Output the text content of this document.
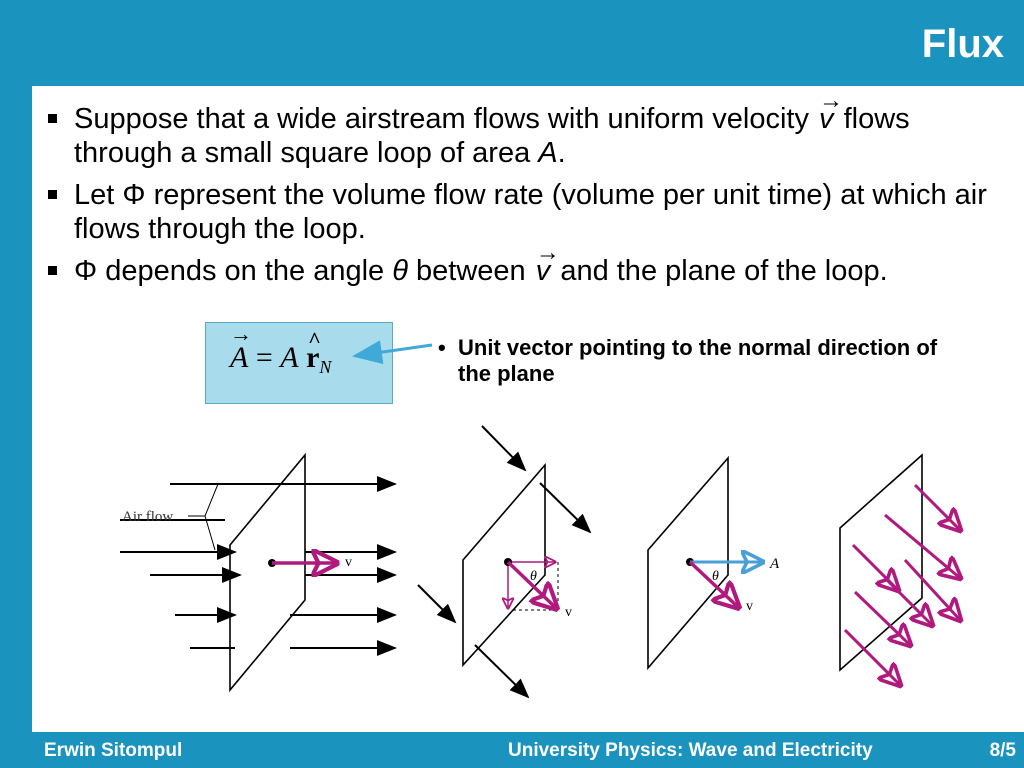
Flux
Suppose that a wide airstream flows with uniform velocity → v flows through a small square loop of area A.
Let Φ represent the volume flow rate (volume per unit time) at which air flows through the loop.
Φ depends on the angle θ between → v and the plane of the loop.
→ A = A ^ $r_N$
• Unit vector pointing to the normal direction of the plane
Air flow
v
θ
v
θ
A
v
Erwin Sitompul	University Physics: Wave and Electricity	8/5
